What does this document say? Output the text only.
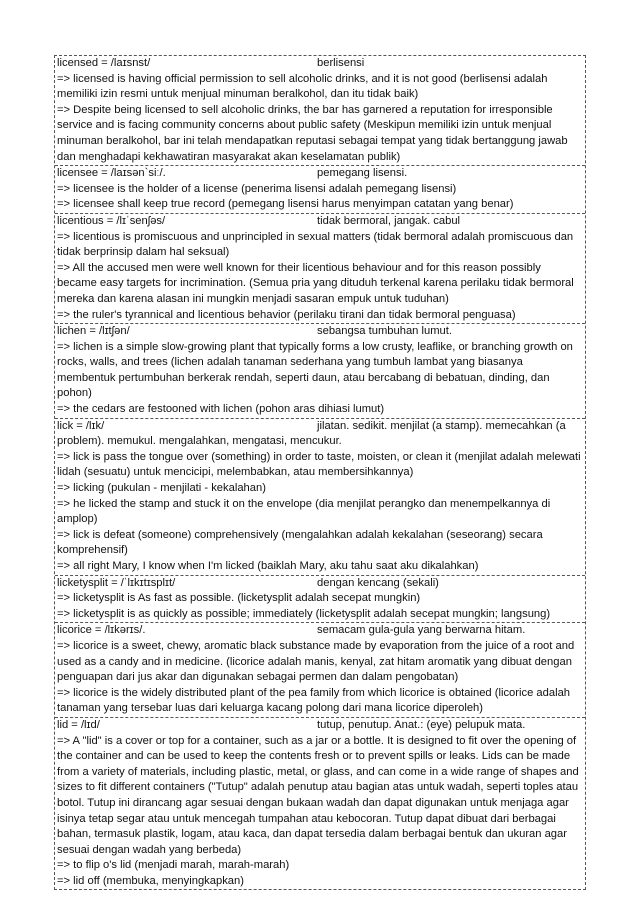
licensed = /laɪsnst/	berlisensi

=> licensed is having official permission to sell alcoholic drinks, and it is not good (berlisensi adalah memiliki izin resmi untuk menjual minuman beralkohol, dan itu tidak baik)

=> Despite being licensed to sell alcoholic drinks, the bar has garnered a reputation for irresponsible service and is facing community concerns about public safety (Meskipun memiliki izin untuk menjual minuman beralkohol, bar ini telah mendapatkan reputasi sebagai tempat yang tidak bertanggung jawab dan menghadapi kekhawatiran masyarakat akan keselamatan publik)

licensee = /laɪsən`siː/.	pemegang lisensi.

=> licensee is the holder of a license (penerima lisensi adalah pemegang lisensi)

=> licensee shall keep true record (pemegang lisensi harus menyimpan catatan yang benar)

licentious = /lɪˈsenʃəs/	tidak bermoral, jangak. cabul

=> licentious is promiscuous and unprincipled in sexual matters (tidak bermoral adalah promiscuous dan tidak berprinsip dalam hal seksual)

=> All the accused men were well known for their licentious behaviour and for this reason possibly became easy targets for incrimination. (Semua pria yang dituduh terkenal karena perilaku tidak bermoral mereka dan karena alasan ini mungkin menjadi sasaran empuk untuk tuduhan)

=> the ruler's tyrannical and licentious behavior (perilaku tirani dan tidak bermoral penguasa)

lichen = /lɪtʃən/	sebangsa tumbuhan lumut.

=> lichen is a simple slow-growing plant that typically forms a low crusty, leaflike, or branching growth on rocks, walls, and trees (lichen adalah tanaman sederhana yang tumbuh lambat yang biasanya membentuk pertumbuhan berkerak rendah, seperti daun, atau bercabang di bebatuan, dinding, dan pohon)

=> the cedars are festooned with lichen (pohon aras dihiasi lumut)

lick = /lɪk/	jilatan. sedikit. menjilat (a stamp). memecahkan (a

problem). memukul. mengalahkan, mengatasi, mencukur.

=> lick is pass the tongue over (something) in order to taste, moisten, or clean it (menjilat adalah melewati lidah (sesuatu) untuk mencicipi, melembabkan, atau membersihkannya)

=> licking (pukulan - menjilati - kekalahan)

=> he licked the stamp and stuck it on the envelope (dia menjilat perangko dan menempelkannya di amplop)

=> lick is defeat (someone) comprehensively (mengalahkan adalah kekalahan (seseorang) secara komprehensif)

=> all right Mary, I know when I'm licked (baiklah Mary, aku tahu saat aku dikalahkan)

licketysplit = /ˈlɪkɪtɪsplɪt/	dengan kencang (sekali)

=> licketysplit is As fast as possible. (licketysplit adalah secepat mungkin)

=> licketysplit is as quickly as possible; immediately (licketysplit adalah secepat mungkin; langsung)

licorice = /lɪkərɪs/.	semacam gula-gula yang berwarna hitam.

=> licorice is a sweet, chewy, aromatic black substance made by evaporation from the juice of a root and used as a candy and in medicine. (licorice adalah manis, kenyal, zat hitam aromatik yang dibuat dengan penguapan dari jus akar dan digunakan sebagai permen dan dalam pengobatan)

=> licorice is the widely distributed plant of the pea family from which licorice is obtained (licorice adalah tanaman yang tersebar luas dari keluarga kacang polong dari mana licorice diperoleh)

lid = /lɪd/	tutup, penutup. Anat.: (eye) pelupuk mata.

=> A "lid" is a cover or top for a container, such as a jar or a bottle. It is designed to fit over the opening of the container and can be used to keep the contents fresh or to prevent spills or leaks. Lids can be made from a variety of materials, including plastic, metal, or glass, and can come in a wide range of shapes and sizes to fit different containers ("Tutup" adalah penutup atau bagian atas untuk wadah, seperti toples atau botol. Tutup ini dirancang agar sesuai dengan bukaan wadah dan dapat digunakan untuk menjaga agar isinya tetap segar atau untuk mencegah tumpahan atau kebocoran. Tutup dapat dibuat dari berbagai bahan, termasuk plastik, logam, atau kaca, dan dapat tersedia dalam berbagai bentuk dan ukuran agar sesuai dengan wadah yang berbeda)

=> to flip o's lid (menjadi marah, marah-marah)

=> lid off (membuka, menyingkapkan)
